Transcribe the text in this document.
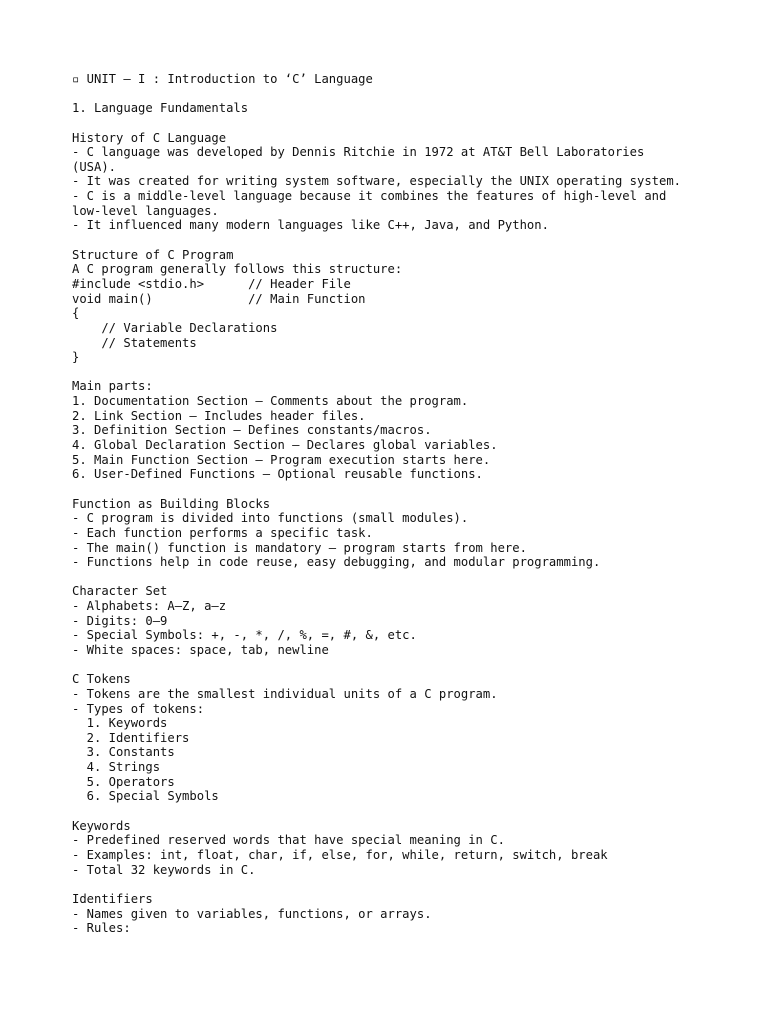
▫ UNIT – I : Introduction to ‘C’ Language
1. Language Fundamentals
History of C Language
- C language was developed by Dennis Ritchie in 1972 at AT&T Bell Laboratories
(USA).
- It was created for writing system software, especially the UNIX operating system.
- C is a middle-level language because it combines the features of high-level and
low-level languages.
- It influenced many modern languages like C++, Java, and Python.
Structure of C Program
A C program generally follows this structure:
#include <stdio.h>      // Header File
void main()             // Main Function
{
// Variable Declarations
// Statements
}
Main parts:
1. Documentation Section – Comments about the program.
2. Link Section – Includes header files.
3. Definition Section – Defines constants/macros.
4. Global Declaration Section – Declares global variables.
5. Main Function Section – Program execution starts here.
6. User-Defined Functions – Optional reusable functions.
Function as Building Blocks
- C program is divided into functions (small modules).
- Each function performs a specific task.
- The main() function is mandatory — program starts from here.
- Functions help in code reuse, easy debugging, and modular programming.
Character Set
- Alphabets: A–Z, a–z
- Digits: 0–9
- Special Symbols: +, -, *, /, %, =, #, &, etc.
- White spaces: space, tab, newline
C Tokens
- Tokens are the smallest individual units of a C program.
- Types of tokens:
1. Keywords
2. Identifiers
3. Constants
4. Strings
5. Operators
6. Special Symbols
Keywords
- Predefined reserved words that have special meaning in C.
- Examples: int, float, char, if, else, for, while, return, switch, break
- Total 32 keywords in C.
Identifiers
- Names given to variables, functions, or arrays.
- Rules:
